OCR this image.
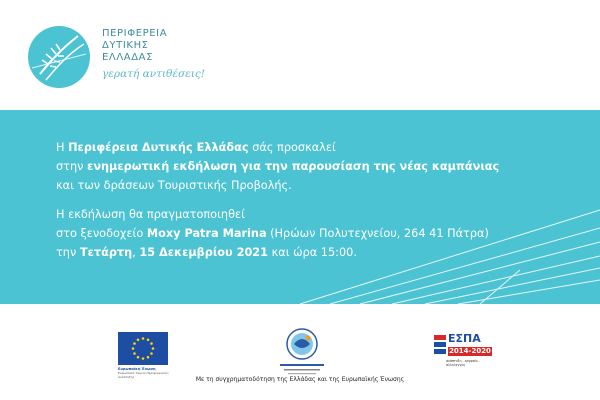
ΠΕΡΙΦΕΡΕΙΑ
ΔΥΤΙΚΗΣ
ΕΛΛΑΔΑΣ
γερατή αντιθέσεις!

Η Περιφέρεια Δυτικής Ελλάδας σάς προσκαλεί

στην ενημερωτική εκδήλωση για την παρουσίαση της νέας καμπάνιας

και των δράσεων Τουριστικής Προβολής.

Η εκδήλωση θα πραγματοποιηθεί

στο ξενοδοχείο Moxy Patra Marina (Ηρώων Πολυτεχνείου, 264 41 Πάτρα)

την Τετάρτη, 15 Δεκεμβρίου 2021 και ώρα 15:00.

Ευρωπαϊκή Ένωση
Ευρωπαϊκό Ταμείο Περιφερειακής Ανάπτυξης
ΕΣΠΑ
2014-2020
ανάπτυξη - εργασία - αλληλεγγύη
Με τη συγχρηματοδότηση της Ελλάδας και της Ευρωπαϊκής Ένωσης
